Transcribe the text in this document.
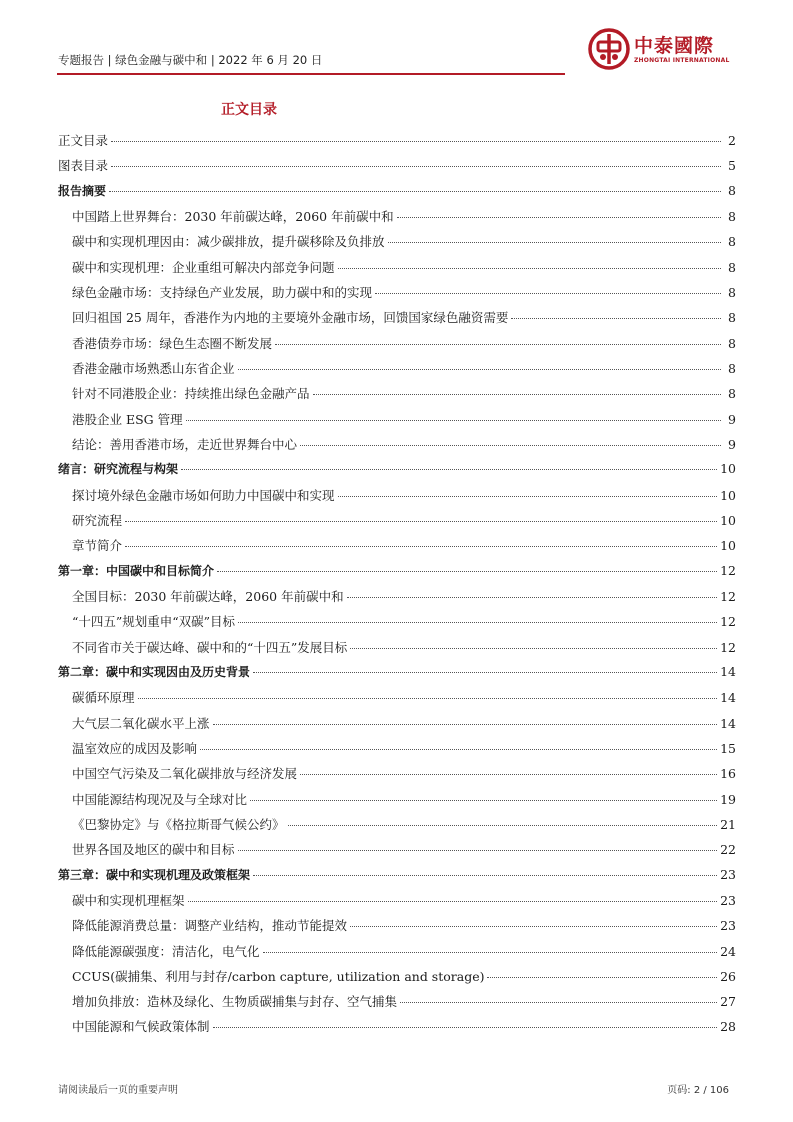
专题报告 | 绿色金融与碳中和 | 2022 年 6 月 20 日
中泰國際
ZHONGTAI INTERNATIONAL
正文目录
正文目录	2
图表目录	5
报告摘要	8
中国踏上世界舞台：2030 年前碳达峰，2060 年前碳中和	8
碳中和实现机理因由：减少碳排放，提升碳移除及负排放	8
碳中和实现机理：企业重组可解决内部竞争问题	8
绿色金融市场：支持绿色产业发展，助力碳中和的实现	8
回归祖国 25 周年，香港作为内地的主要境外金融市场，回馈国家绿色融资需要	8
香港债券市场：绿色生态圈不断发展	8
香港金融市场熟悉山东省企业	8
针对不同港股企业：持续推出绿色金融产品	8
港股企业 ESG 管理	9
结论：善用香港市场，走近世界舞台中心	9
绪言：研究流程与构架	10
探讨境外绿色金融市场如何助力中国碳中和实现	10
研究流程	10
章节简介	10
第一章：中国碳中和目标简介	12
全国目标：2030 年前碳达峰，2060 年前碳中和	12
“十四五”规划重申“双碳”目标	12
不同省市关于碳达峰、碳中和的“十四五”发展目标	12
第二章：碳中和实现因由及历史背景	14
碳循环原理	14
大气层二氧化碳水平上涨	14
温室效应的成因及影响	15
中国空气污染及二氧化碳排放与经济发展	16
中国能源结构现况及与全球对比	19
《巴黎协定》与《格拉斯哥气候公约》	21
世界各国及地区的碳中和目标	22
第三章：碳中和实现机理及政策框架	23
碳中和实现机理框架	23
降低能源消费总量：调整产业结构，推动节能提效	23
降低能源碳强度：清洁化，电气化	24
CCUS(碳捕集、利用与封存/carbon capture, utilization and storage)	26
增加负排放：造林及绿化、生物质碳捕集与封存、空气捕集	27
中国能源和气候政策体制	28
请阅读最后一页的重要声明	页码: 2 / 106
